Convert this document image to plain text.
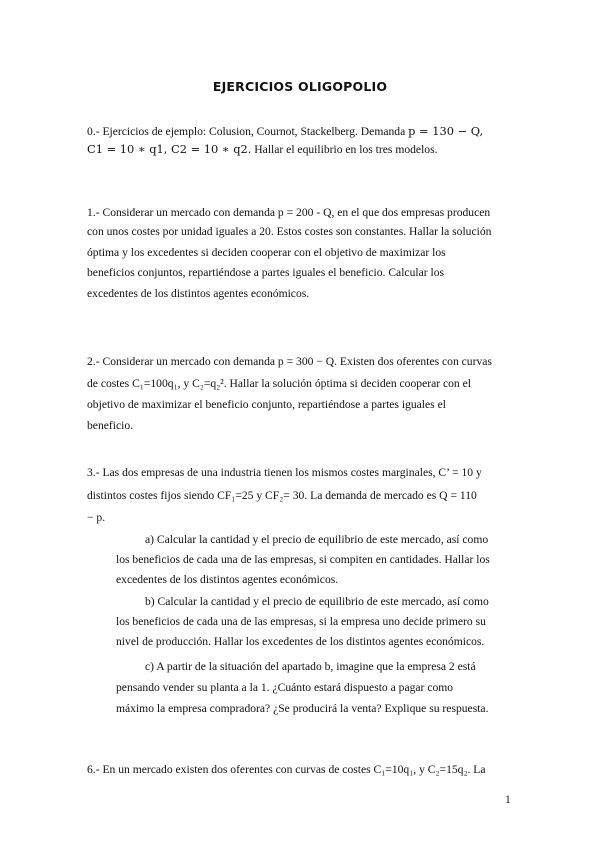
EJERCICIOS OLIGOPOLIO
0.- Ejercicios de ejemplo: Colusion, Cournot, Stackelberg. Demanda p = 130 − Q,
C1 = 10 ∗ q1, C2 = 10 ∗ q2. Hallar el equilibrio en los tres modelos.
1.- Considerar un mercado con demanda p = 200 - Q, en el que dos empresas producen
con unos costes por unidad iguales a 20. Estos costes son constantes. Hallar la solución
óptima y los excedentes si deciden cooperar con el objetivo de maximizar los
beneficios conjuntos, repartiéndose a partes iguales el beneficio. Calcular los
excedentes de los distintos agentes económicos.
2.- Considerar un mercado con demanda p = 300 − Q. Existen dos oferentes con curvas
de costes C₁=100q₁, y C₂=q₂². Hallar la solución óptima si deciden cooperar con el
objetivo de maximizar el beneficio conjunto, repartiéndose a partes iguales el
beneficio.
3.- Las dos empresas de una industria tienen los mismos costes marginales, C’ = 10 y
distintos costes fijos siendo CF₁=25 y CF₂= 30. La demanda de mercado es Q = 110
− p.
a) Calcular la cantidad y el precio de equilibrio de este mercado, así como
los beneficios de cada una de las empresas, si compiten en cantidades. Hallar los
excedentes de los distintos agentes económicos.
b) Calcular la cantidad y el precio de equilibrio de este mercado, así como
los beneficios de cada una de las empresas, si la empresa uno decide primero su
nivel de producción. Hallar los excedentes de los distintos agentes económicos.
c) A partir de la situación del apartado b, imagine que la empresa 2 está
pensando vender su planta a la 1. ¿Cuánto estará dispuesto a pagar como
máximo la empresa compradora? ¿Se producirá la venta? Explique su respuesta.
6.- En un mercado existen dos oferentes con curvas de costes C₁=10q₁, y C₂=15q₂. La
1
